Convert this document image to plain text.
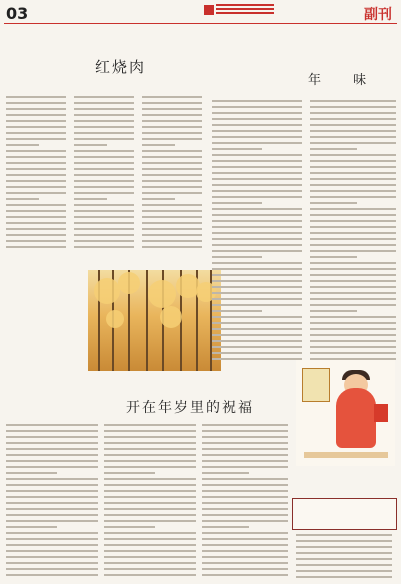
03	副刊
红烧肉
开在年岁里的祝福
年 味
